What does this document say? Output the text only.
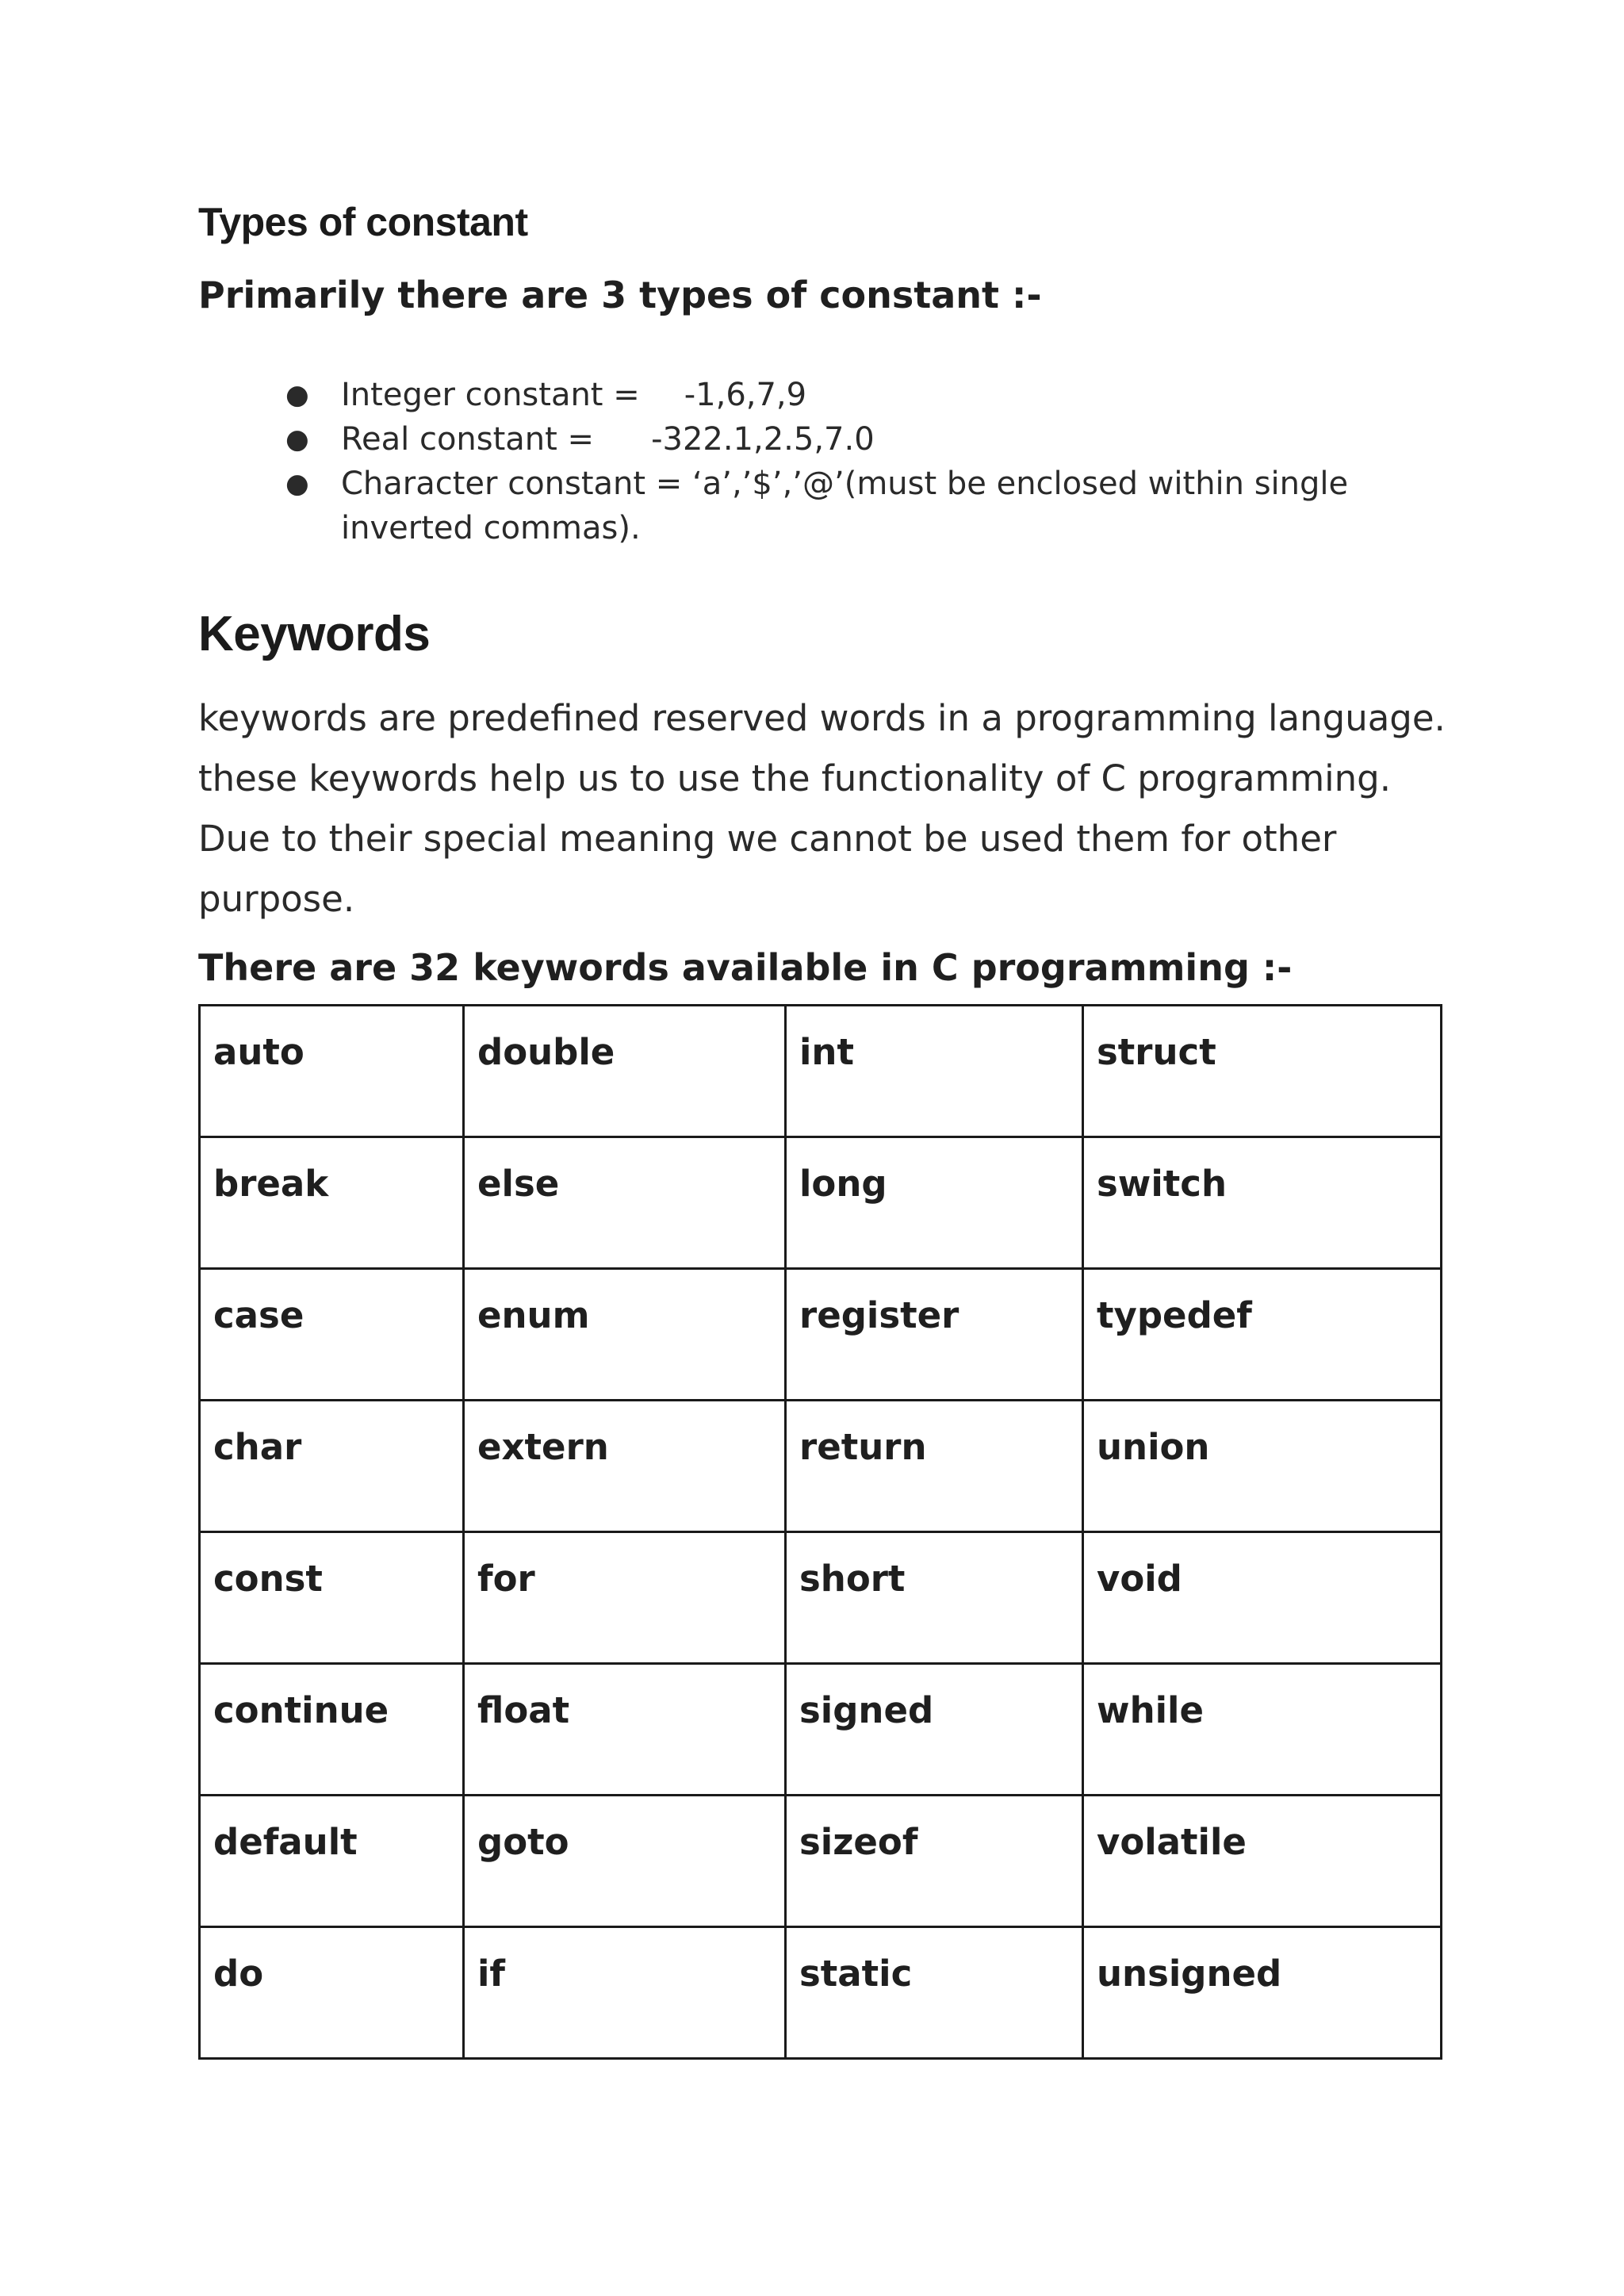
Types of constant
Primarily there are 3 types of constant :-
● Integer constant = -1,6,7,9
● Real constant = -322.1,2.5,7.0
● Character constant = ‘a’,’$’,’@’(must be enclosed within single inverted commas).
Keywords

keywords are predefined reserved words in a programming language. these keywords help us to use the functionality of C programming. Due to their special meaning we cannot be used them for other purpose.

There are 32 keywords available in C programming :-
auto	double	int	struct
break	else	long	switch
case	enum	register	typedef
char	extern	return	union
const	for	short	void
continue	float	signed	while
default	goto	sizeof	volatile
do	if	static	unsigned
